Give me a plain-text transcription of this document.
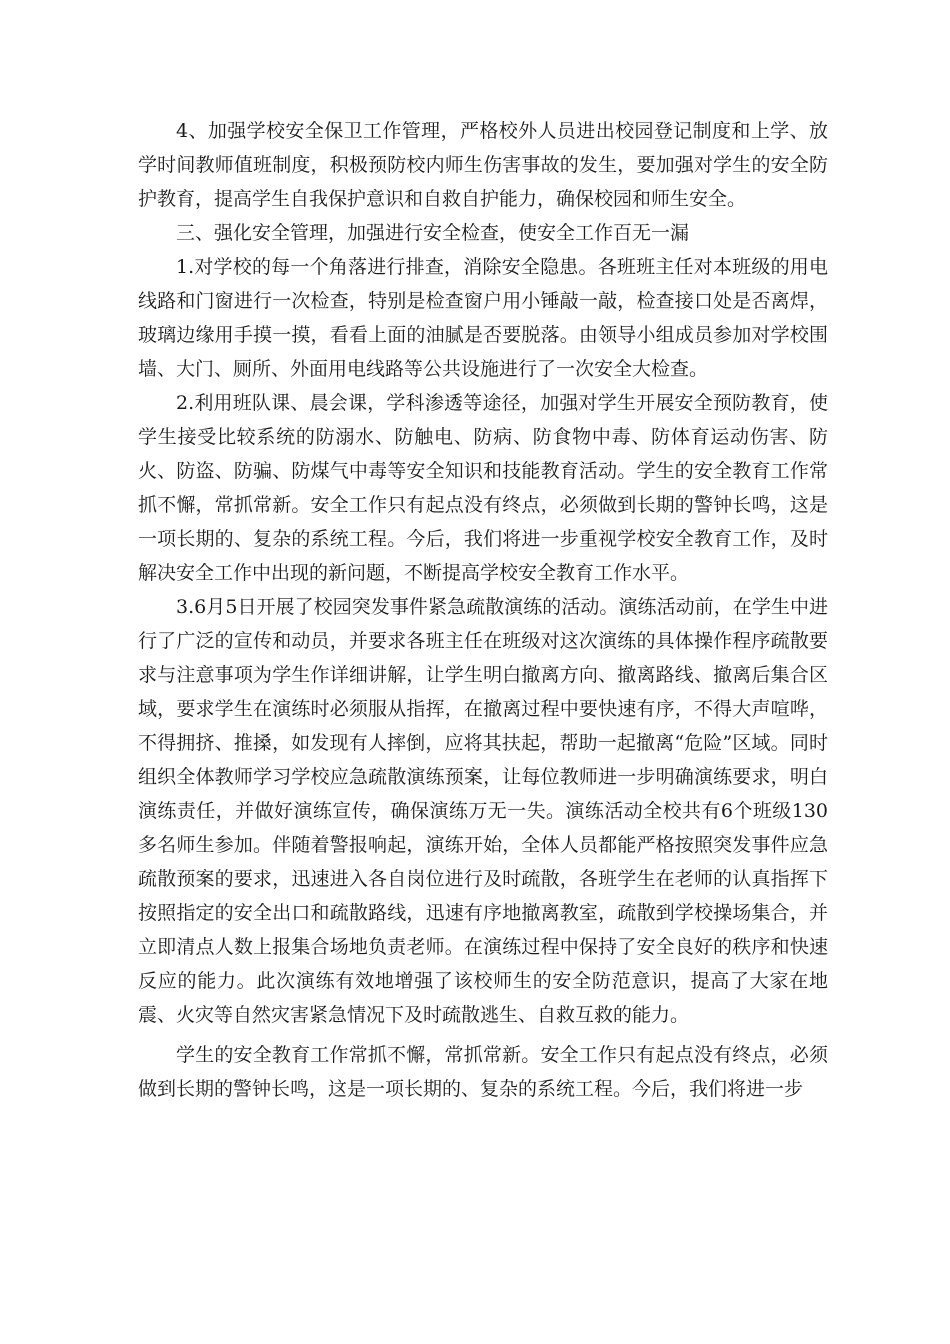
4、加强学校安全保卫工作管理，严格校外人员进出校园登记制度和上学、放学时间教师值班制度，积极预防校内师生伤害事故的发生，要加强对学生的安全防护教育，提高学生自我保护意识和自救自护能力，确保校园和师生安全。

三、强化安全管理，加强进行安全检查，使安全工作百无一漏

1.对学校的每一个角落进行排查，消除安全隐患。各班班主任对本班级的用电线路和门窗进行一次检查，特别是检查窗户用小锤敲一敲，检查接口处是否离焊，玻璃边缘用手摸一摸，看看上面的油腻是否要脱落。由领导小组成员参加对学校围墙、大门、厕所、外面用电线路等公共设施进行了一次安全大检查。

2.利用班队课、晨会课，学科渗透等途径，加强对学生开展安全预防教育，使学生接受比较系统的防溺水、防触电、防病、防食物中毒、防体育运动伤害、防火、防盗、防骗、防煤气中毒等安全知识和技能教育活动。学生的安全教育工作常抓不懈，常抓常新。安全工作只有起点没有终点，必须做到长期的警钟长鸣，这是一项长期的、复杂的系统工程。今后，我们将进一步重视学校安全教育工作，及时解决安全工作中出现的新问题，不断提高学校安全教育工作水平。

3.6月5日开展了校园突发事件紧急疏散演练的活动。演练活动前，在学生中进行了广泛的宣传和动员，并要求各班主任在班级对这次演练的具体操作程序疏散要求与注意事项为学生作详细讲解，让学生明白撤离方向、撤离路线、撤离后集合区域，要求学生在演练时必须服从指挥，在撤离过程中要快速有序，不得大声喧哗，不得拥挤、推搡，如发现有人摔倒，应将其扶起，帮助一起撤离“危险”区域。同时组织全体教师学习学校应急疏散演练预案，让每位教师进一步明确演练要求，明白演练责任，并做好演练宣传，确保演练万无一失。演练活动全校共有6个班级130多名师生参加。伴随着警报响起，演练开始，全体人员都能严格按照突发事件应急疏散预案的要求，迅速进入各自岗位进行及时疏散，各班学生在老师的认真指挥下按照指定的安全出口和疏散路线，迅速有序地撤离教室，疏散到学校操场集合，并立即清点人数上报集合场地负责老师。在演练过程中保持了安全良好的秩序和快速反应的能力。此次演练有效地增强了该校师生的安全防范意识，提高了大家在地震、火灾等自然灾害紧急情况下及时疏散逃生、自救互救的能力。

学生的安全教育工作常抓不懈，常抓常新。安全工作只有起点没有终点，必须做到长期的警钟长鸣，这是一项长期的、复杂的系统工程。今后，我们将进一步
